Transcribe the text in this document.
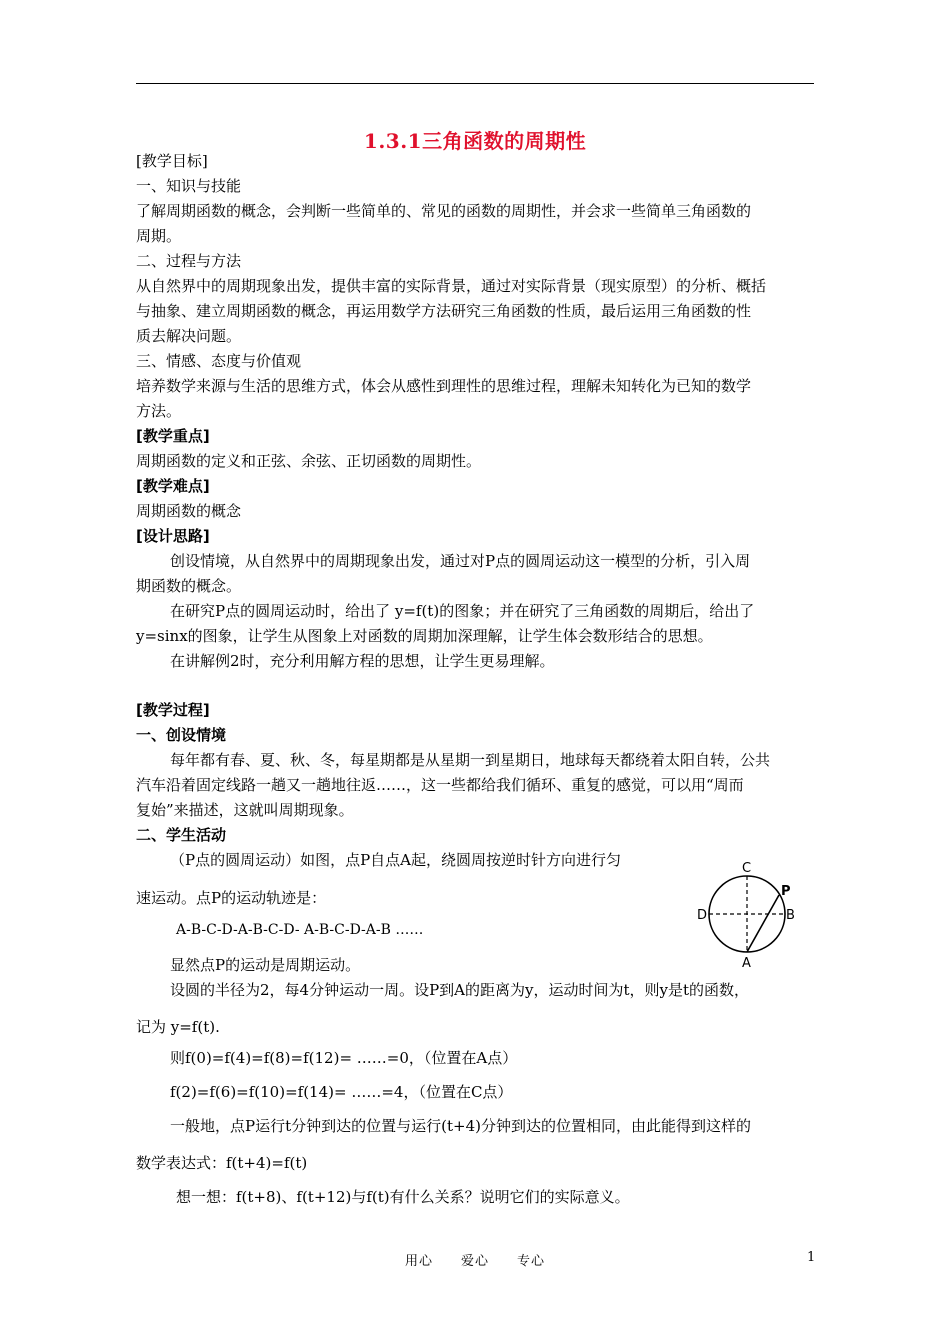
1.3.1三角函数的周期性
[教学目标]
一、知识与技能
了解周期函数的概念，会判断一些简单的、常见的函数的周期性，并会求一些简单三角函数的
周期。
二、过程与方法
从自然界中的周期现象出发，提供丰富的实际背景，通过对实际背景（现实原型）的分析、概括
与抽象、建立周期函数的概念，再运用数学方法研究三角函数的性质，最后运用三角函数的性
质去解决问题。
三、情感、态度与价值观
培养数学来源与生活的思维方式，体会从感性到理性的思维过程，理解未知转化为已知的数学
方法。
[教学重点]
周期函数的定义和正弦、余弦、正切函数的周期性。
[教学难点]
周期函数的概念
[设计思路]
创设情境，从自然界中的周期现象出发，通过对P点的圆周运动这一模型的分析，引入周
期函数的概念。
在研究P点的圆周运动时，给出了 y=f(t)的图象；并在研究了三角函数的周期后，给出了
y=sinx的图象，让学生从图象上对函数的周期加深理解，让学生体会数形结合的思想。
在讲解例2时，充分利用解方程的思想，让学生更易理解。
[教学过程]
一、创设情境
每年都有春、夏、秋、冬，每星期都是从星期一到星期日，地球每天都绕着太阳自转，公共
汽车沿着固定线路一趟又一趟地往返……，这一些都给我们循环、重复的感觉，可以用“周而
复始”来描述，这就叫周期现象。
二、学生活动
（P点的圆周运动）如图，点P自点A起，绕圆周按逆时针方向进行匀
速运动。点P的运动轨迹是：
A-B-C-D-A-B-C-D- A-B-C-D-A-B ……
显然点P的运动是周期运动。
设圆的半径为2，每4分钟运动一周。设P到A的距离为y，运动时间为t，则y是t的函数，
记为 y=f(t).
则f(0)=f(4)=f(8)=f(12)= ……=0，（位置在A点）
f(2)=f(6)=f(10)=f(14)= ……=4，（位置在C点）
一般地，点P运行t分钟到达的位置与运行(t+4)分钟到达的位置相同，由此能得到这样的
数学表达式：f(t+4)=f(t)
想一想：f(t+8)、f(t+12)与f(t)有什么关系？说明它们的实际意义。
C
D	B
A
P
用心　　爱心　　专心	1
